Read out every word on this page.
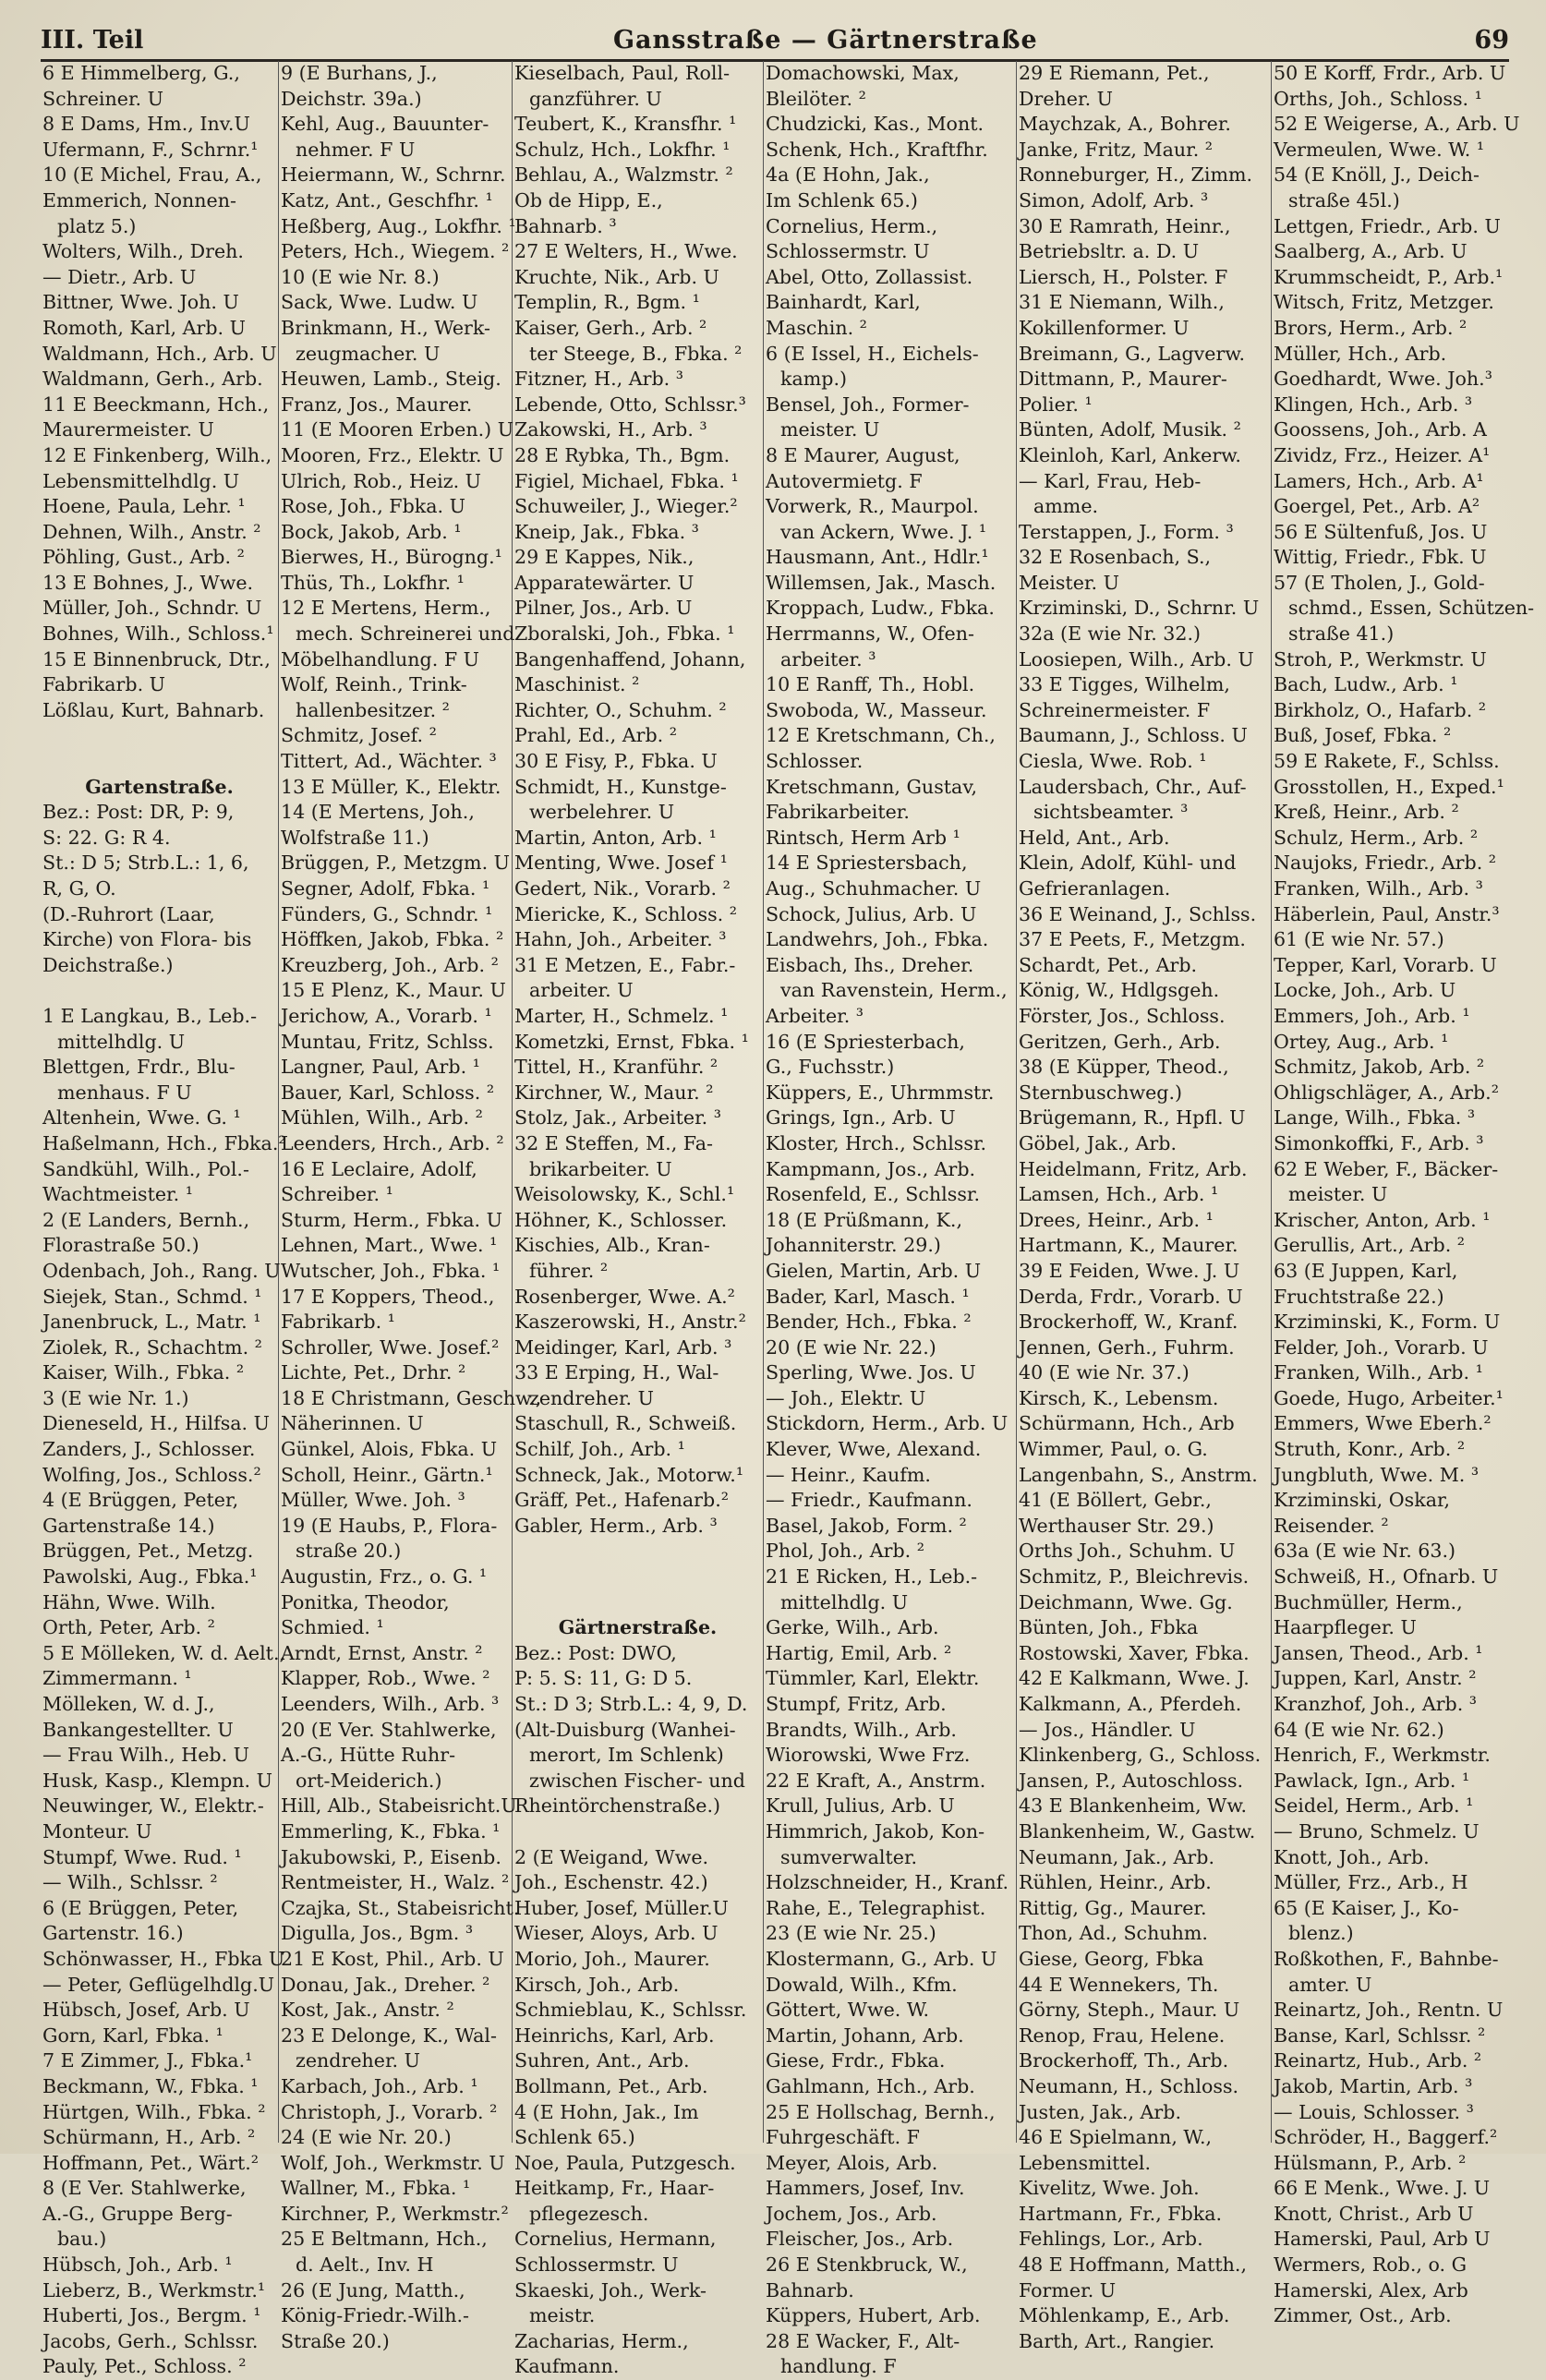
III. Teil	Gansstraße — Gärtnerstraße	69
6 E Himmelberg, G.,
Schreiner. U
8 E Dams, Hm., Inv.U
Ufermann, F., Schrnr.¹
10 (E Michel, Frau, A.,
Emmerich, Nonnen-
platz 5.)
Wolters, Wilh., Dreh.
— Dietr., Arb. U
Bittner, Wwe. Joh. U
Romoth, Karl, Arb. U
Waldmann, Hch., Arb. U
Waldmann, Gerh., Arb.
11 E Beeckmann, Hch.,
Maurermeister. U
12 E Finkenberg, Wilh.,
Lebensmittelhdlg. U
Hoene, Paula, Lehr. ¹
Dehnen, Wilh., Anstr. ²
Pöhling, Gust., Arb. ²
13 E Bohnes, J., Wwe.
Müller, Joh., Schndr. U
Bohnes, Wilh., Schloss.¹
15 E Binnenbruck, Dtr.,
Fabrikarb. U
Lößlau, Kurt, Bahnarb.
Gartenstraße.
Bez.: Post: DR, P: 9,
S: 22. G: R 4.
St.: D 5; Strb.L.: 1, 6,
R, G, O.
(D.-Ruhrort (Laar,
Kirche) von Flora- bis
Deichstraße.)
1 E Langkau, B., Leb.-
mittelhdlg. U
Blettgen, Frdr., Blu-
menhaus. F U
Altenhein, Wwe. G. ¹
Haßelmann, Hch., Fbka.²
Sandkühl, Wilh., Pol.-
Wachtmeister. ¹
2 (E Landers, Bernh.,
Florastraße 50.)
Odenbach, Joh., Rang. U
Siejek, Stan., Schmd. ¹
Janenbruck, L., Matr. ¹
Ziolek, R., Schachtm. ²
Kaiser, Wilh., Fbka. ²
3 (E wie Nr. 1.)
Dieneseld, H., Hilfsa. U
Zanders, J., Schlosser.
Wolfing, Jos., Schloss.²
4 (E Brüggen, Peter,
Gartenstraße 14.)
Brüggen, Pet., Metzg.
Pawolski, Aug., Fbka.¹
Hähn, Wwe. Wilh.
Orth, Peter, Arb. ²
5 E Mölleken, W. d. Aelt.,
Zimmermann. ¹
Mölleken, W. d. J.,
Bankangestellter. U
— Frau Wilh., Heb. U
Husk, Kasp., Klempn. U
Neuwinger, W., Elektr.-
Monteur. U
Stumpf, Wwe. Rud. ¹
— Wilh., Schlssr. ²
6 (E Brüggen, Peter,
Gartenstr. 16.)
Schönwasser, H., Fbka U
— Peter, Geflügelhdlg.U
Hübsch, Josef, Arb. U
Gorn, Karl, Fbka. ¹
7 E Zimmer, J., Fbka.¹
Beckmann, W., Fbka. ¹
Hürtgen, Wilh., Fbka. ²
Schürmann, H., Arb. ²
Hoffmann, Pet., Wärt.²
8 (E Ver. Stahlwerke,
A.-G., Gruppe Berg-
bau.)
Hübsch, Joh., Arb. ¹
Lieberz, B., Werkmstr.¹
Huberti, Jos., Bergm. ¹
Jacobs, Gerh., Schlssr.
Pauly, Pet., Schloss. ²
9 (E Burhans, J.,
Deichstr. 39a.)
Kehl, Aug., Bauunter-
nehmer. F U
Heiermann, W., Schrnr.
Katz, Ant., Geschfhr. ¹
Heßberg, Aug., Lokfhr. ¹
Peters, Hch., Wiegem. ²
10 (E wie Nr. 8.)
Sack, Wwe. Ludw. U
Brinkmann, H., Werk-
zeugmacher. U
Heuwen, Lamb., Steig.
Franz, Jos., Maurer.
11 (E Mooren Erben.) U
Mooren, Frz., Elektr. U
Ulrich, Rob., Heiz. U
Rose, Joh., Fbka. U
Bock, Jakob, Arb. ¹
Bierwes, H., Bürogng.¹
Thüs, Th., Lokfhr. ¹
12 E Mertens, Herm.,
mech. Schreinerei und
Möbelhandlung. F U
Wolf, Reinh., Trink-
hallenbesitzer. ²
Schmitz, Josef. ²
Tittert, Ad., Wächter. ³
13 E Müller, K., Elektr.
14 (E Mertens, Joh.,
Wolfstraße 11.)
Brüggen, P., Metzgm. U
Segner, Adolf, Fbka. ¹
Fünders, G., Schndr. ¹
Höffken, Jakob, Fbka. ²
Kreuzberg, Joh., Arb. ²
15 E Plenz, K., Maur. U
Jerichow, A., Vorarb. ¹
Muntau, Fritz, Schlss.
Langner, Paul, Arb. ¹
Bauer, Karl, Schloss. ²
Mühlen, Wilh., Arb. ²
Leenders, Hrch., Arb. ²
16 E Leclaire, Adolf,
Schreiber. ¹
Sturm, Herm., Fbka. U
Lehnen, Mart., Wwe. ¹
Wutscher, Joh., Fbka. ¹
17 E Koppers, Theod.,
Fabrikarb. ¹
Schroller, Wwe. Josef.²
Lichte, Pet., Drhr. ²
18 E Christmann, Geschw.,
Näherinnen. U
Günkel, Alois, Fbka. U
Scholl, Heinr., Gärtn.¹
Müller, Wwe. Joh. ³
19 (E Haubs, P., Flora-
straße 20.)
Augustin, Frz., o. G. ¹
Ponitka, Theodor,
Schmied. ¹
Arndt, Ernst, Anstr. ²
Klapper, Rob., Wwe. ²
Leenders, Wilh., Arb. ³
20 (E Ver. Stahlwerke,
A.-G., Hütte Ruhr-
ort-Meiderich.)
Hill, Alb., Stabeisricht.U
Emmerling, K., Fbka. ¹
Jakubowski, P., Eisenb.
Rentmeister, H., Walz. ²
Czajka, St., Stabeisricht.
Digulla, Jos., Bgm. ³
21 E Kost, Phil., Arb. U
Donau, Jak., Dreher. ²
Kost, Jak., Anstr. ²
23 E Delonge, K., Wal-
zendreher. U
Karbach, Joh., Arb. ¹
Christoph, J., Vorarb. ²
24 (E wie Nr. 20.)
Wolf, Joh., Werkmstr. U
Wallner, M., Fbka. ¹
Kirchner, P., Werkmstr.²
25 E Beltmann, Hch.,
d. Aelt., Inv. H
26 (E Jung, Matth.,
König-Friedr.-Wilh.-
Straße 20.)
Kieselbach, Paul, Roll-
ganzführer. U
Teubert, K., Kransfhr. ¹
Schulz, Hch., Lokfhr. ¹
Behlau, A., Walzmstr. ²
Ob de Hipp, E.,
Bahnarb. ³
27 E Welters, H., Wwe.
Kruchte, Nik., Arb. U
Templin, R., Bgm. ¹
Kaiser, Gerh., Arb. ²
ter Steege, B., Fbka. ²
Fitzner, H., Arb. ³
Lebende, Otto, Schlssr.³
Zakowski, H., Arb. ³
28 E Rybka, Th., Bgm.
Figiel, Michael, Fbka. ¹
Schuweiler, J., Wieger.²
Kneip, Jak., Fbka. ³
29 E Kappes, Nik.,
Apparatewärter. U
Pilner, Jos., Arb. U
Zboralski, Joh., Fbka. ¹
Bangenhaffend, Johann,
Maschinist. ²
Richter, O., Schuhm. ²
Prahl, Ed., Arb. ²
30 E Fisy, P., Fbka. U
Schmidt, H., Kunstge-
werbelehrer. U
Martin, Anton, Arb. ¹
Menting, Wwe. Josef ¹
Gedert, Nik., Vorarb. ²
Miericke, K., Schloss. ²
Hahn, Joh., Arbeiter. ³
31 E Metzen, E., Fabr.-
arbeiter. U
Marter, H., Schmelz. ¹
Kometzki, Ernst, Fbka. ¹
Tittel, H., Kranführ. ²
Kirchner, W., Maur. ²
Stolz, Jak., Arbeiter. ³
32 E Steffen, M., Fa-
brikarbeiter. U
Weisolowsky, K., Schl.¹
Höhner, K., Schlosser.
Kischies, Alb., Kran-
führer. ²
Rosenberger, Wwe. A.²
Kaszerowski, H., Anstr.²
Meidinger, Karl, Arb. ³
33 E Erping, H., Wal-
zendreher. U
Staschull, R., Schweiß.
Schilf, Joh., Arb. ¹
Schneck, Jak., Motorw.¹
Gräff, Pet., Hafenarb.²
Gabler, Herm., Arb. ³
Gärtnerstraße.
Bez.: Post: DWO,
P: 5. S: 11, G: D 5.
St.: D 3; Strb.L.: 4, 9, D.
(Alt-Duisburg (Wanhei-
merort, Im Schlenk)
zwischen Fischer- und
Rheintörchenstraße.)
2 (E Weigand, Wwe.
Joh., Eschenstr. 42.)
Huber, Josef, Müller.U
Wieser, Aloys, Arb. U
Morio, Joh., Maurer.
Kirsch, Joh., Arb.
Schmieblau, K., Schlssr.
Heinrichs, Karl, Arb.
Suhren, Ant., Arb.
Bollmann, Pet., Arb.
4 (E Hohn, Jak., Im
Schlenk 65.)
Noe, Paula, Putzgesch.
Heitkamp, Fr., Haar-
pflegezesch.
Cornelius, Hermann,
Schlossermstr. U
Skaeski, Joh., Werk-
meistr.
Zacharias, Herm.,
Kaufmann.
Domachowski, Max,
Bleilöter. ²
Chudzicki, Kas., Mont.
Schenk, Hch., Kraftfhr.
4a (E Hohn, Jak.,
Im Schlenk 65.)
Cornelius, Herm.,
Schlossermstr. U
Abel, Otto, Zollassist.
Bainhardt, Karl,
Maschin. ²
6 (E Issel, H., Eichels-
kamp.)
Bensel, Joh., Former-
meister. U
8 E Maurer, August,
Autovermietg. F
Vorwerk, R., Maurpol.
van Ackern, Wwe. J. ¹
Hausmann, Ant., Hdlr.¹
Willemsen, Jak., Masch.
Kroppach, Ludw., Fbka.
Herrmanns, W., Ofen-
arbeiter. ³
10 E Ranff, Th., Hobl.
Swoboda, W., Masseur.
12 E Kretschmann, Ch.,
Schlosser.
Kretschmann, Gustav,
Fabrikarbeiter.
Rintsch, Herm Arb ¹
14 E Spriestersbach,
Aug., Schuhmacher. U
Schock, Julius, Arb. U
Landwehrs, Joh., Fbka.
Eisbach, Ihs., Dreher.
van Ravenstein, Herm.,
Arbeiter. ³
16 (E Spriesterbach,
G., Fuchsstr.)
Küppers, E., Uhrmmstr.
Grings, Ign., Arb. U
Kloster, Hrch., Schlssr.
Kampmann, Jos., Arb.
Rosenfeld, E., Schlssr.
18 (E Prüßmann, K.,
Johanniterstr. 29.)
Gielen, Martin, Arb. U
Bader, Karl, Masch. ¹
Bender, Hch., Fbka. ²
20 (E wie Nr. 22.)
Sperling, Wwe. Jos. U
— Joh., Elektr. U
Stickdorn, Herm., Arb. U
Klever, Wwe, Alexand.
— Heinr., Kaufm.
— Friedr., Kaufmann.
Basel, Jakob, Form. ²
Phol, Joh., Arb. ²
21 E Ricken, H., Leb.-
mittelhdlg. U
Gerke, Wilh., Arb.
Hartig, Emil, Arb. ²
Tümmler, Karl, Elektr.
Stumpf, Fritz, Arb.
Brandts, Wilh., Arb.
Wiorowski, Wwe Frz.
22 E Kraft, A., Anstrm.
Krull, Julius, Arb. U
Himmrich, Jakob, Kon-
sumverwalter.
Holzschneider, H., Kranf.
Rahe, E., Telegraphist.
23 (E wie Nr. 25.)
Klostermann, G., Arb. U
Dowald, Wilh., Kfm.
Göttert, Wwe. W.
Martin, Johann, Arb.
Giese, Frdr., Fbka.
Gahlmann, Hch., Arb.
25 E Hollschag, Bernh.,
Fuhrgeschäft. F
Meyer, Alois, Arb.
Hammers, Josef, Inv.
Jochem, Jos., Arb.
Fleischer, Jos., Arb.
26 E Stenkbruck, W.,
Bahnarb.
Küppers, Hubert, Arb.
28 E Wacker, F., Alt-
handlung. F
29 E Riemann, Pet.,
Dreher. U
Maychzak, A., Bohrer.
Janke, Fritz, Maur. ²
Ronneburger, H., Zimm.
Simon, Adolf, Arb. ³
30 E Ramrath, Heinr.,
Betriebsltr. a. D. U
Liersch, H., Polster. F
31 E Niemann, Wilh.,
Kokillenformer. U
Breimann, G., Lagverw.
Dittmann, P., Maurer-
Polier. ¹
Bünten, Adolf, Musik. ²
Kleinloh, Karl, Ankerw.
— Karl, Frau, Heb-
amme.
Terstappen, J., Form. ³
32 E Rosenbach, S.,
Meister. U
Krziminski, D., Schrnr. U
32a (E wie Nr. 32.)
Loosiepen, Wilh., Arb. U
33 E Tigges, Wilhelm,
Schreinermeister. F
Baumann, J., Schloss. U
Ciesla, Wwe. Rob. ¹
Laudersbach, Chr., Auf-
sichtsbeamter. ³
Held, Ant., Arb.
Klein, Adolf, Kühl- und
Gefrieranlagen.
36 E Weinand, J., Schlss.
37 E Peets, F., Metzgm.
Schardt, Pet., Arb.
König, W., Hdlgsgeh.
Förster, Jos., Schloss.
Geritzen, Gerh., Arb.
38 (E Küpper, Theod.,
Sternbuschweg.)
Brügemann, R., Hpfl. U
Göbel, Jak., Arb.
Heidelmann, Fritz, Arb.
Lamsen, Hch., Arb. ¹
Drees, Heinr., Arb. ¹
Hartmann, K., Maurer.
39 E Feiden, Wwe. J. U
Derda, Frdr., Vorarb. U
Brockerhoff, W., Kranf.
Jennen, Gerh., Fuhrm.
40 (E wie Nr. 37.)
Kirsch, K., Lebensm.
Schürmann, Hch., Arb
Wimmer, Paul, o. G.
Langenbahn, S., Anstrm.
41 (E Böllert, Gebr.,
Werthauser Str. 29.)
Orths Joh., Schuhm. U
Schmitz, P., Bleichrevis.
Deichmann, Wwe. Gg.
Bünten, Joh., Fbka
Rostowski, Xaver, Fbka.
42 E Kalkmann, Wwe. J.
Kalkmann, A., Pferdeh.
— Jos., Händler. U
Klinkenberg, G., Schloss.
Jansen, P., Autoschloss.
43 E Blankenheim, Ww.
Blankenheim, W., Gastw.
Neumann, Jak., Arb.
Rühlen, Heinr., Arb.
Rittig, Gg., Maurer.
Thon, Ad., Schuhm.
Giese, Georg, Fbka
44 E Wennekers, Th.
Görny, Steph., Maur. U
Renop, Frau, Helene.
Brockerhoff, Th., Arb.
Neumann, H., Schloss.
Justen, Jak., Arb.
46 E Spielmann, W.,
Lebensmittel.
Kivelitz, Wwe. Joh.
Hartmann, Fr., Fbka.
Fehlings, Lor., Arb.
48 E Hoffmann, Matth.,
Former. U
Möhlenkamp, E., Arb.
Barth, Art., Rangier.
50 E Korff, Frdr., Arb. U
Orths, Joh., Schloss. ¹
52 E Weigerse, A., Arb. U
Vermeulen, Wwe. W. ¹
54 (E Knöll, J., Deich-
straße 45l.)
Lettgen, Friedr., Arb. U
Saalberg, A., Arb. U
Krummscheidt, P., Arb.¹
Witsch, Fritz, Metzger.
Brors, Herm., Arb. ²
Müller, Hch., Arb.
Goedhardt, Wwe. Joh.³
Klingen, Hch., Arb. ³
Goossens, Joh., Arb. A
Zividz, Frz., Heizer. A¹
Lamers, Hch., Arb. A¹
Goergel, Pet., Arb. A²
56 E Sültenfuß, Jos. U
Wittig, Friedr., Fbk. U
57 (E Tholen, J., Gold-
schmd., Essen, Schützen-
straße 41.)
Stroh, P., Werkmstr. U
Bach, Ludw., Arb. ¹
Birkholz, O., Hafarb. ²
Buß, Josef, Fbka. ²
59 E Rakete, F., Schlss.
Grosstollen, H., Exped.¹
Kreß, Heinr., Arb. ²
Schulz, Herm., Arb. ²
Naujoks, Friedr., Arb. ²
Franken, Wilh., Arb. ³
Häberlein, Paul, Anstr.³
61 (E wie Nr. 57.)
Tepper, Karl, Vorarb. U
Locke, Joh., Arb. U
Emmers, Joh., Arb. ¹
Ortey, Aug., Arb. ¹
Schmitz, Jakob, Arb. ²
Ohligschläger, A., Arb.²
Lange, Wilh., Fbka. ³
Simonkoffki, F., Arb. ³
62 E Weber, F., Bäcker-
meister. U
Krischer, Anton, Arb. ¹
Gerullis, Art., Arb. ²
63 (E Juppen, Karl,
Fruchtstraße 22.)
Krziminski, K., Form. U
Felder, Joh., Vorarb. U
Franken, Wilh., Arb. ¹
Goede, Hugo, Arbeiter.¹
Emmers, Wwe Eberh.²
Struth, Konr., Arb. ²
Jungbluth, Wwe. M. ³
Krziminski, Oskar,
Reisender. ²
63a (E wie Nr. 63.)
Schweiß, H., Ofnarb. U
Buchmüller, Herm.,
Haarpfleger. U
Jansen, Theod., Arb. ¹
Juppen, Karl, Anstr. ²
Kranzhof, Joh., Arb. ³
64 (E wie Nr. 62.)
Henrich, F., Werkmstr.
Pawlack, Ign., Arb. ¹
Seidel, Herm., Arb. ¹
— Bruno, Schmelz. U
Knott, Joh., Arb.
Müller, Frz., Arb., H
65 (E Kaiser, J., Ko-
blenz.)
Roßkothen, F., Bahnbe-
amter. U
Reinartz, Joh., Rentn. U
Banse, Karl, Schlssr. ²
Reinartz, Hub., Arb. ²
Jakob, Martin, Arb. ³
— Louis, Schlosser. ³
Schröder, H., Baggerf.²
Hülsmann, P., Arb. ²
66 E Menk., Wwe. J. U
Knott, Christ., Arb U
Hamerski, Paul, Arb U
Wermers, Rob., o. G
Hamerski, Alex, Arb
Zimmer, Ost., Arb.
